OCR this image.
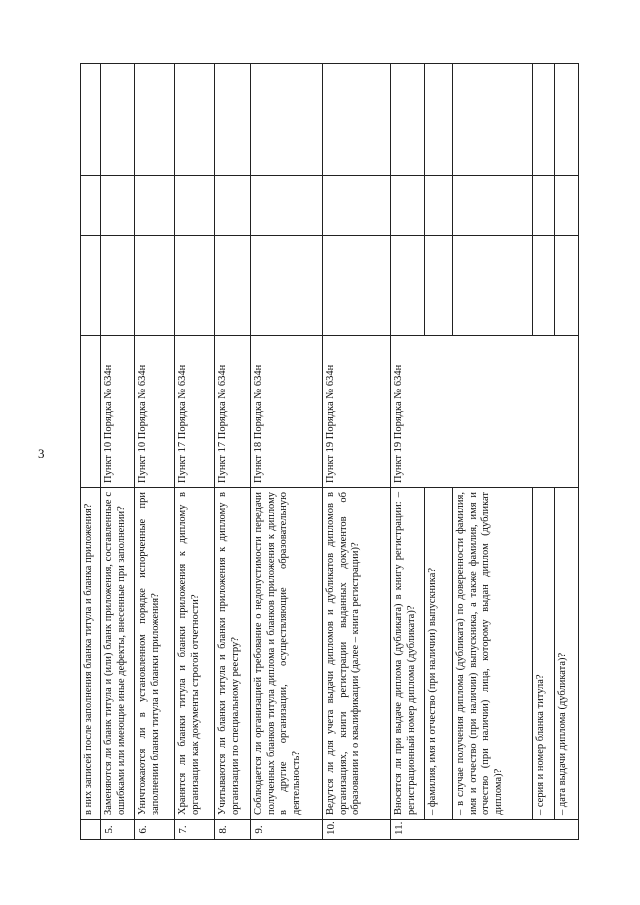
3
	в них записей после заполнения бланка титула и бланка приложения?				
5.	Заменяются ли бланк титула и (или) бланк приложения, составленные с ошибками или имеющие иные дефекты, внесенные при заполнении?	Пункт 10 Порядка № 634н			
6.	Уничтожаются ли в установленном порядке испорченные при заполнении бланки титула и бланки приложения?	Пункт 10 Порядка № 634н			
7.	Хранятся ли бланки титула и бланки приложения к диплому в организации как документы строгой отчетности?	Пункт 17 Порядка № 634н			
8.	Учитываются ли бланки титула и бланки приложения к диплому в организации по специальному реестру?	Пункт 17 Порядка № 634н			
9.	Соблюдается ли организацией требование о недопустимости передачи полученных бланков титула диплома и бланков приложения к диплому в другие организации, осуществляющие образовательную деятельность?	Пункт 18 Порядка № 634н			
10.	Ведутся ли для учета выдачи дипломов и дубликатов дипломов в организациях, книги регистрации выданных документов об образовании и о квалификации (далее – книга регистрации)?	Пункт 19 Порядка № 634н			
11.	Вносятся ли при выдаче диплома (дубликата) в книгу регистрации: – регистрационный номер диплома (дубликата)?	Пункт 19 Порядка № 634н			
	– фамилия, имя и отчество (при наличии) выпускника?				
	– в случае получения диплома (дубликата) по доверенности фамилия, имя и отчество (при наличии) выпускника, а также фамилия, имя и отчество (при наличии) лица, которому выдан диплом (дубликат диплома)?				
	– серия и номер бланка титула?				
	– дата выдачи диплома (дубликата)?				
